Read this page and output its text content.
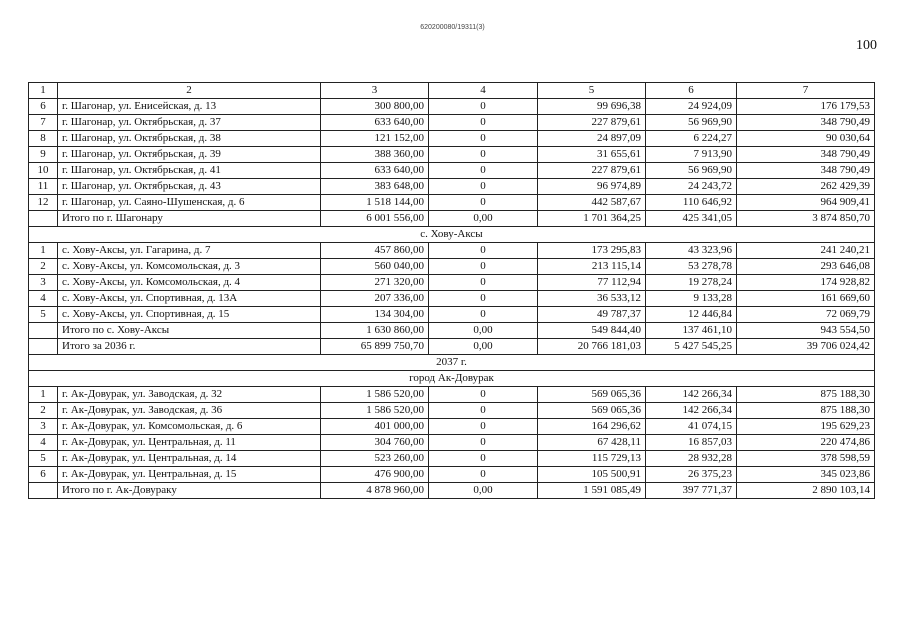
620200080/19311(3)
100
1	2	3	4	5	6	7
6	г. Шагонар, ул. Енисейская, д. 13	300 800,00	0	99 696,38	24 924,09	176 179,53
7	г. Шагонар, ул. Октябрьская, д. 37	633 640,00	0	227 879,61	56 969,90	348 790,49
8	г. Шагонар, ул. Октябрьская, д. 38	121 152,00	0	24 897,09	6 224,27	90 030,64
9	г. Шагонар, ул. Октябрьская, д. 39	388 360,00	0	31 655,61	7 913,90	348 790,49
10	г. Шагонар, ул. Октябрьская, д. 41	633 640,00	0	227 879,61	56 969,90	348 790,49
11	г. Шагонар, ул. Октябрьская, д. 43	383 648,00	0	96 974,89	24 243,72	262 429,39
12	г. Шагонар, ул. Саяно-Шушенская, д. 6	1 518 144,00	0	442 587,67	110 646,92	964 909,41
	Итого по г. Шагонару	6 001 556,00	0,00	1 701 364,25	425 341,05	3 874 850,70
с. Хову-Аксы						
1	с. Хову-Аксы, ул. Гагарина, д. 7	457 860,00	0	173 295,83	43 323,96	241 240,21
2	с. Хову-Аксы, ул. Комсомольская, д. 3	560 040,00	0	213 115,14	53 278,78	293 646,08
3	с. Хову-Аксы, ул. Комсомольская, д. 4	271 320,00	0	77 112,94	19 278,24	174 928,82
4	с. Хову-Аксы, ул. Спортивная, д. 13А	207 336,00	0	36 533,12	9 133,28	161 669,60
5	с. Хову-Аксы, ул. Спортивная, д. 15	134 304,00	0	49 787,37	12 446,84	72 069,79
	Итого по с. Хову-Аксы	1 630 860,00	0,00	549 844,40	137 461,10	943 554,50
	Итого за 2036 г.	65 899 750,70	0,00	20 766 181,03	5 427 545,25	39 706 024,42
2037 г.						
город Ак-Довурак						
1	г. Ак-Довурак, ул. Заводская, д. 32	1 586 520,00	0	569 065,36	142 266,34	875 188,30
2	г. Ак-Довурак, ул. Заводская, д. 36	1 586 520,00	0	569 065,36	142 266,34	875 188,30
3	г. Ак-Довурак, ул. Комсомольская, д. 6	401 000,00	0	164 296,62	41 074,15	195 629,23
4	г. Ак-Довурак, ул. Центральная, д. 11	304 760,00	0	67 428,11	16 857,03	220 474,86
5	г. Ак-Довурак, ул. Центральная, д. 14	523 260,00	0	115 729,13	28 932,28	378 598,59
6	г. Ак-Довурак, ул. Центральная, д. 15	476 900,00	0	105 500,91	26 375,23	345 023,86
	Итого по г. Ак-Довураку	4 878 960,00	0,00	1 591 085,49	397 771,37	2 890 103,14
